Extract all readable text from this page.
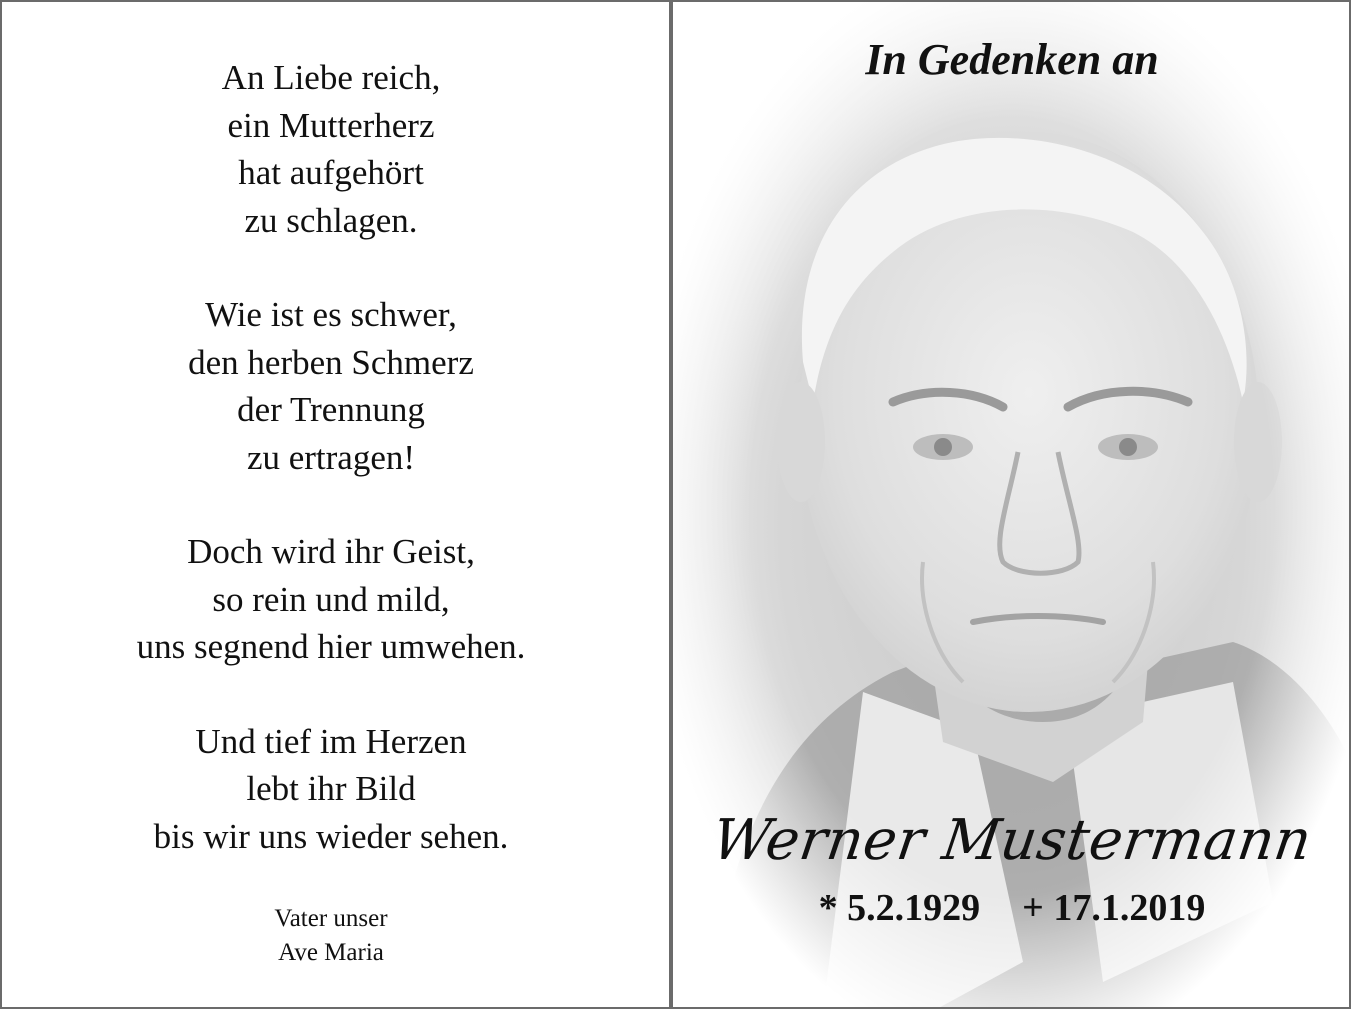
An Liebe reich,
ein Mutterherz
hat aufgehört
zu schlagen.
Wie ist es schwer,
den herben Schmerz
der Trennung
zu ertragen!
Doch wird ihr Geist,
so rein und mild,
uns segnend hier umwehen.
Und tief im Herzen
lebt ihr Bild
bis wir uns wieder sehen.
Vater unser
Ave Maria
In Gedenken an
Werner Mustermann
* 5.2.1929 + 17.1.2019
